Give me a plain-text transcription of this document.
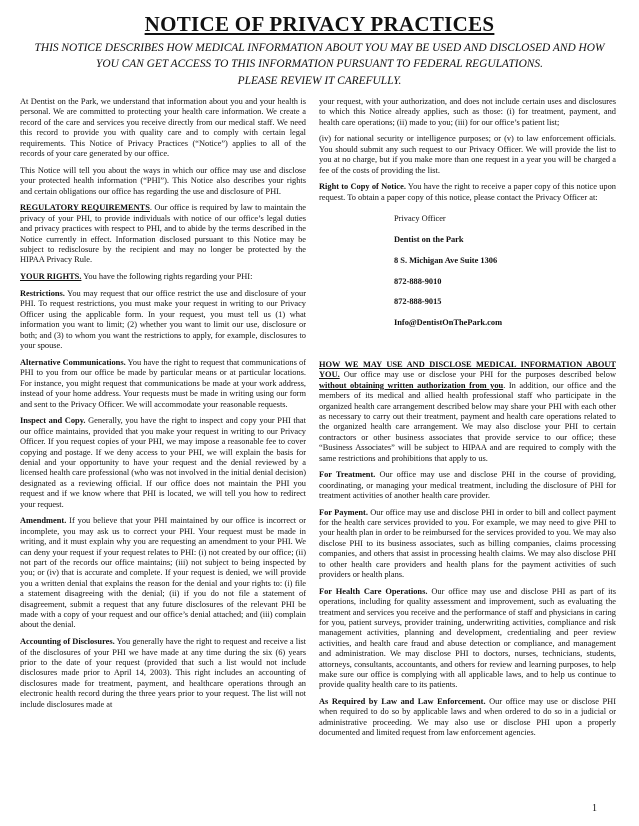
NOTICE OF PRIVACY PRACTICES
THIS NOTICE DESCRIBES HOW MEDICAL INFORMATION ABOUT YOU MAY BE USED AND DISCLOSED AND HOW YOU CAN GET ACCESS TO THIS INFORMATION PURSUANT TO FEDERAL REGULATIONS.
PLEASE REVIEW IT CAREFULLY.

At Dentist on the Park, we understand that information about you and your health is personal. We are committed to protecting your health care information. We create a record of the care and services you receive directly from our medical staff. We need this record to provide you with quality care and to comply with certain legal requirements. This Notice of Privacy Practices (“Notice”) applies to all of the records of your care generated by our office.

This Notice will tell you about the ways in which our office may use and disclose your protected health information (“PHI”). This Notice also describes your rights and certain obligations our office has regarding the use and disclosure of PHI.

REGULATORY REQUIREMENTS. Our office is required by law to maintain the privacy of your PHI, to provide individuals with notice of our office’s legal duties and privacy practices with respect to PHI, and to abide by the terms described in the Notice currently in effect. Information disclosed pursuant to this Notice may be subject to redisclosure by the recipient and may no longer be protected by the HIPAA Privacy Rule.

YOUR RIGHTS. You have the following rights regarding your PHI:

Restrictions. You may request that our office restrict the use and disclosure of your PHI. To request restrictions, you must make your request in writing to our Privacy Officer using the applicable form. In your request, you must tell us (1) what information you want to limit; (2) whether you want to limit our use, disclosure or both; and (3) to whom you want the restrictions to apply, for example, disclosures to your spouse.

Alternative Communications. You have the right to request that communications of PHI to you from our office be made by particular means or at particular locations. For instance, you might request that communications be made at your work address, instead of your home address. Your requests must be made in writing using our form and sent to the Privacy Officer. We will accommodate your reasonable requests.

Inspect and Copy. Generally, you have the right to inspect and copy your PHI that our office maintains, provided that you make your request in writing to our Privacy Officer. If you request copies of your PHI, we may impose a reasonable fee to cover copying and postage. If we deny access to your PHI, we will explain the basis for denial and your opportunity to have your request and the denial reviewed by a licensed health care professional (who was not involved in the initial denial decision) designated as a reviewing official. If our office does not maintain the PHI you request and if we know where that PHI is located, we will tell you how to redirect your request.

Amendment. If you believe that your PHI maintained by our office is incorrect or incomplete, you may ask us to correct your PHI. Your request must be made in writing, and it must explain why you are requesting an amendment to your PHI. We can deny your request if your request relates to PHI: (i) not created by our office; (ii) not part of the records our office maintains; (iii) not subject to being inspected by you; or (iv) that is accurate and complete. If your request is denied, we will provide you a written denial that explains the reason for the denial and your rights to: (i) file a statement disagreeing with the denial; (ii) if you do not file a statement of disagreement, submit a request that any future disclosures of the relevant PHI be made with a copy of your request and our office’s denial attached; and (iii) complain about the denial.

Accounting of Disclosures. You generally have the right to request and receive a list of the disclosures of your PHI we have made at any time during the six (6) years prior to the date of your request (provided that such a list would not include disclosures made prior to April 14, 2003). This right includes an accounting of disclosures made for treatment, payment, and healthcare operations through an electronic health record during the three years prior to your request. The list will not include disclosures made at

your request, with your authorization, and does not include certain uses and disclosures to which this Notice already applies, such as those: (i) for treatment, payment, and health care operations; (ii) made to you; (iii) for our office’s patient list;

(iv) for national security or intelligence purposes; or (v) to law enforcement officials. You should submit any such request to our Privacy Officer. We will provide the list to you at no charge, but if you make more than one request in a year you will be charged a fee of the costs of providing the list.

Right to Copy of Notice. You have the right to receive a paper copy of this notice upon request. To obtain a paper copy of this notice, please contact the Privacy Officer at:

Privacy Officer
Dentist on the Park
8 S. Michigan Ave Suite 1306
872-888-9010
872-888-9015
Info@DentistOnThePark.com

HOW WE MAY USE AND DISCLOSE MEDICAL INFORMATION ABOUT YOU. Our office may use or disclose your PHI for the purposes described below without obtaining written authorization from you. In addition, our office and the members of its medical and allied health professional staff who participate in the organized health care arrangement described below may share your PHI with each other as necessary to carry out their treatment, payment and health care operations related to the organized health care arrangement. We may also disclose your PHI to certain contractors or other business associates that provide service to our office; these “Business Associates” will be subject to HIPAA and are required to comply with the same restrictions and prohibitions that apply to us.

For Treatment. Our office may use and disclose PHI in the course of providing, coordinating, or managing your medical treatment, including the disclosure of PHI for treatment activities of another health care provider.

For Payment. Our office may use and disclose PHI in order to bill and collect payment for the health care services provided to you. For example, we may need to give PHI to your health plan in order to be reimbursed for the services provided to you. We may also disclose PHI to its business associates, such as billing companies, claims processing companies, and others that assist in processing health claims. We may also disclose PHI to other health care providers and health plans for the payment activities of such providers or health plans.

For Health Care Operations. Our office may use and disclose PHI as part of its operations, including for quality assessment and improvement, such as evaluating the treatment and services you receive and the performance of staff and physicians in caring for you, patient surveys, provider training, underwriting activities, compliance and risk management activities, planning and development, credentialing and peer review activities, and health care fraud and abuse detection or compliance, and management and administration. We may disclose PHI to doctors, nurses, technicians, students, attorneys, consultants, accountants, and others for review and learning purposes, to help make sure our office is complying with all applicable laws, and to help us continue to provide quality health care to its patients.

As Required by Law and Law Enforcement. Our office may use or disclose PHI when required to do so by applicable laws and when ordered to do so in a judicial or administrative proceeding. We may also use or disclose PHI upon a properly documented and limited request from law enforcement agencies.

1
